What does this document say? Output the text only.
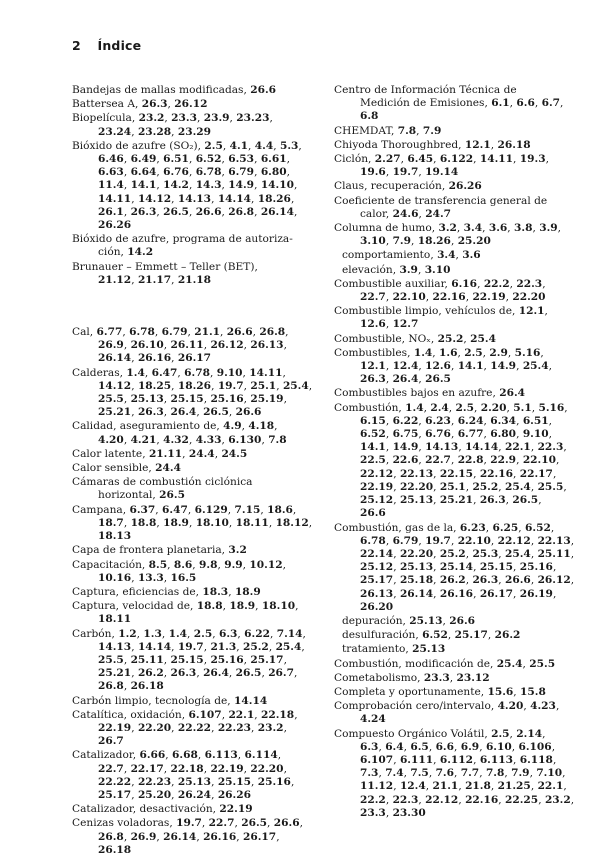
2 Índice
Bandejas de mallas modificadas, 26.6
Battersea A, 26.3, 26.12
Biopelícula, 23.2, 23.3, 23.9, 23.23,
23.24, 23.28, 23.29
Bióxido de azufre (SO₂), 2.5, 4.1, 4.4, 5.3,
6.46, 6.49, 6.51, 6.52, 6.53, 6.61,
6.63, 6.64, 6.76, 6.78, 6.79, 6.80,
11.4, 14.1, 14.2, 14.3, 14.9, 14.10,
14.11, 14.12, 14.13, 14.14, 18.26,
26.1, 26.3, 26.5, 26.6, 26.8, 26.14,
26.26
Bióxido de azufre, programa de autoriza-
ción, 14.2
Brunauer – Emmett – Teller (BET),
21.12, 21.17, 21.18
Cal, 6.77, 6.78, 6.79, 21.1, 26.6, 26.8,
26.9, 26.10, 26.11, 26.12, 26.13,
26.14, 26.16, 26.17
Calderas, 1.4, 6.47, 6.78, 9.10, 14.11,
14.12, 18.25, 18.26, 19.7, 25.1, 25.4,
25.5, 25.13, 25.15, 25.16, 25.19,
25.21, 26.3, 26.4, 26.5, 26.6
Calidad, aseguramiento de, 4.9, 4.18,
4.20, 4.21, 4.32, 4.33, 6.130, 7.8
Calor latente, 21.11, 24.4, 24.5
Calor sensible, 24.4
Cámaras de combustión ciclónica
horizontal, 26.5
Campana, 6.37, 6.47, 6.129, 7.15, 18.6,
18.7, 18.8, 18.9, 18.10, 18.11, 18.12,
18.13
Capa de frontera planetaria, 3.2
Capacitación, 8.5, 8.6, 9.8, 9.9, 10.12,
10.16, 13.3, 16.5
Captura, eficiencias de, 18.3, 18.9
Captura, velocidad de, 18.8, 18.9, 18.10,
18.11
Carbón, 1.2, 1.3, 1.4, 2.5, 6.3, 6.22, 7.14,
14.13, 14.14, 19.7, 21.3, 25.2, 25.4,
25.5, 25.11, 25.15, 25.16, 25.17,
25.21, 26.2, 26.3, 26.4, 26.5, 26.7,
26.8, 26.18
Carbón limpio, tecnología de, 14.14
Catalítica, oxidación, 6.107, 22.1, 22.18,
22.19, 22.20, 22.22, 22.23, 23.2, 26.7
Catalizador, 6.66, 6.68, 6.113, 6.114,
22.7, 22.17, 22.18, 22.19, 22.20,
22.22, 22.23, 25.13, 25.15, 25.16,
25.17, 25.20, 26.24, 26.26
Catalizador, desactivación, 22.19
Cenizas voladoras, 19.7, 22.7, 26.5, 26.6,
26.8, 26.9, 26.14, 26.16, 26.17, 26.18
Centro de Información Técnica de
Medición de Emisiones, 6.1, 6.6, 6.7,
6.8
CHEMDAT, 7.8, 7.9
Chiyoda Thoroughbred, 12.1, 26.18
Ciclón, 2.27, 6.45, 6.122, 14.11, 19.3,
19.6, 19.7, 19.14
Claus, recuperación, 26.26
Coeficiente de transferencia general de
calor, 24.6, 24.7
Columna de humo, 3.2, 3.4, 3.6, 3.8, 3.9,
3.10, 7.9, 18.26, 25.20
comportamiento, 3.4, 3.6
elevación, 3.9, 3.10
Combustible auxiliar, 6.16, 22.2, 22.3,
22.7, 22.10, 22.16, 22.19, 22.20
Combustible limpio, vehículos de, 12.1,
12.6, 12.7
Combustible, NOₓ, 25.2, 25.4
Combustibles, 1.4, 1.6, 2.5, 2.9, 5.16,
12.1, 12.4, 12.6, 14.1, 14.9, 25.4,
26.3, 26.4, 26.5
Combustibles bajos en azufre, 26.4
Combustión, 1.4, 2.4, 2.5, 2.20, 5.1, 5.16,
6.15, 6.22, 6.23, 6.24, 6.34, 6.51,
6.52, 6.75, 6.76, 6.77, 6.80, 9.10,
14.1, 14.9, 14.13, 14.14, 22.1, 22.3,
22.5, 22.6, 22.7, 22.8, 22.9, 22.10,
22.12, 22.13, 22.15, 22.16, 22.17,
22.19, 22.20, 25.1, 25.2, 25.4, 25.5,
25.12, 25.13, 25.21, 26.3, 26.5,
26.6
Combustión, gas de la, 6.23, 6.25, 6.52,
6.78, 6.79, 19.7, 22.10, 22.12, 22.13,
22.14, 22.20, 25.2, 25.3, 25.4, 25.11,
25.12, 25.13, 25.14, 25.15, 25.16,
25.17, 25.18, 26.2, 26.3, 26.6, 26.12,
26.13, 26.14, 26.16, 26.17, 26.19,
26.20
depuración, 25.13, 26.6
desulfuración, 6.52, 25.17, 26.2
tratamiento, 25.13
Combustión, modificación de, 25.4, 25.5
Cometabolismo, 23.3, 23.12
Completa y oportunamente, 15.6, 15.8
Comprobación cero/intervalo, 4.20, 4.23,
4.24
Compuesto Orgánico Volátil, 2.5, 2.14,
6.3, 6.4, 6.5, 6.6, 6.9, 6.10, 6.106,
6.107, 6.111, 6.112, 6.113, 6.118,
7.3, 7.4, 7.5, 7.6, 7.7, 7.8, 7.9, 7.10,
11.12, 12.4, 21.1, 21.8, 21.25, 22.1,
22.2, 22.3, 22.12, 22.16, 22.25, 23.2,
23.3, 23.30
